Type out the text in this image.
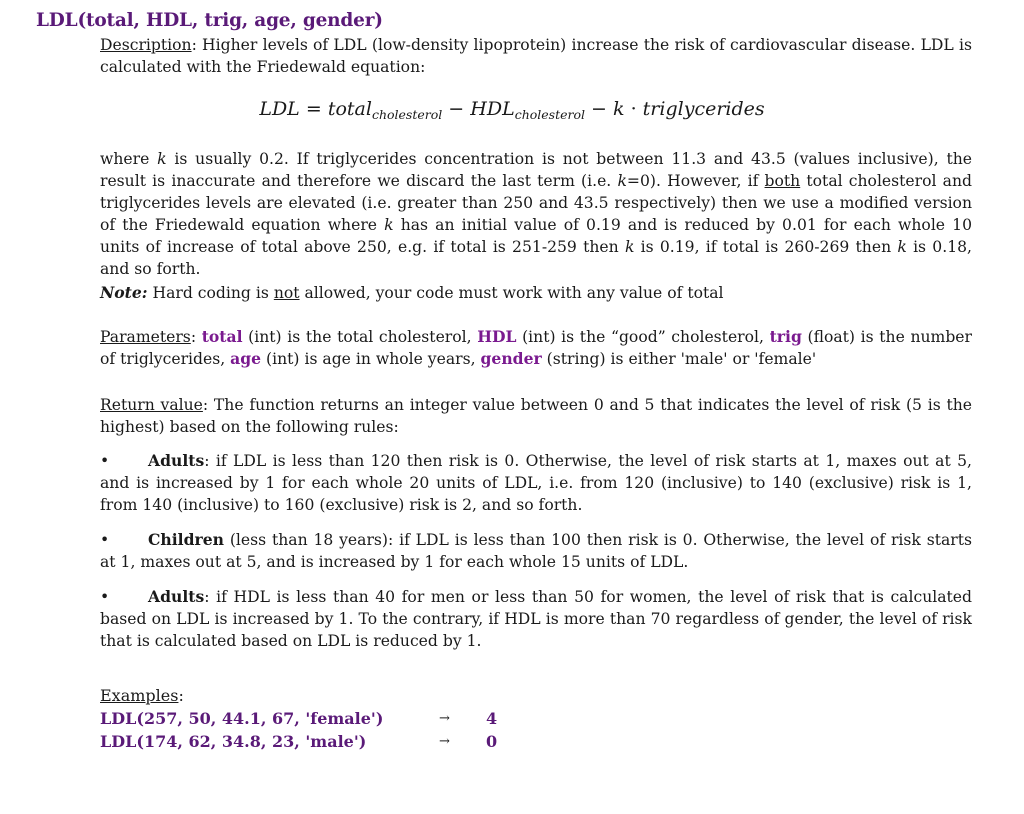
LDL(total, HDL, trig, age, gender)
Description: Higher levels of LDL (low-density lipoprotein) increase the risk of cardiovascular disease. LDL is calculated with the Friedewald equation:
LDL = total$_{cholesterol}$ − $HDL_{cholesterol} - k$ · triglycerides
where k is usually 0.2. If triglycerides concentration is not between 11.3 and 43.5 (values inclusive), the result is inaccurate and therefore we discard the last term (i.e. k=0). However, if both total cholesterol and triglycerides levels are elevated (i.e. greater than 250 and 43.5 respectively) then we use a modified version of the Friedewald equation where k has an initial value of 0.19 and is reduced by 0.01 for each whole 10 units of increase of total above 250, e.g. if total is 251-259 then k is 0.19, if total is 260-269 then k is 0.18, and so forth.
Note: Hard coding is not allowed, your code must work with any value of total
Parameters: total (int) is the total cholesterol, HDL (int) is the “good” cholesterol, trig (float) is the number of triglycerides, age (int) is age in whole years, gender (string) is either 'male' or 'female'
Return value: The function returns an integer value between 0 and 5 that indicates the level of risk (5 is the highest) based on the following rules:
• Adults: if LDL is less than 120 then risk is 0. Otherwise, the level of risk starts at 1, maxes out at 5, and is increased by 1 for each whole 20 units of LDL, i.e. from 120 (inclusive) to 140 (exclusive) risk is 1, from 140 (inclusive) to 160 (exclusive) risk is 2, and so forth.
• Children (less than 18 years): if LDL is less than 100 then risk is 0. Otherwise, the level of risk starts at 1, maxes out at 5, and is increased by 1 for each whole 15 units of LDL.
• Adults: if HDL is less than 40 for men or less than 50 for women, the level of risk that is calculated based on LDL is increased by 1. To the contrary, if HDL is more than 70 regardless of gender, the level of risk that is calculated based on LDL is reduced by 1.
Examples:
LDL(257, 50, 44.1, 67, 'female')	→ 4
LDL(174, 62, 34.8, 23, 'male')	→ 0
